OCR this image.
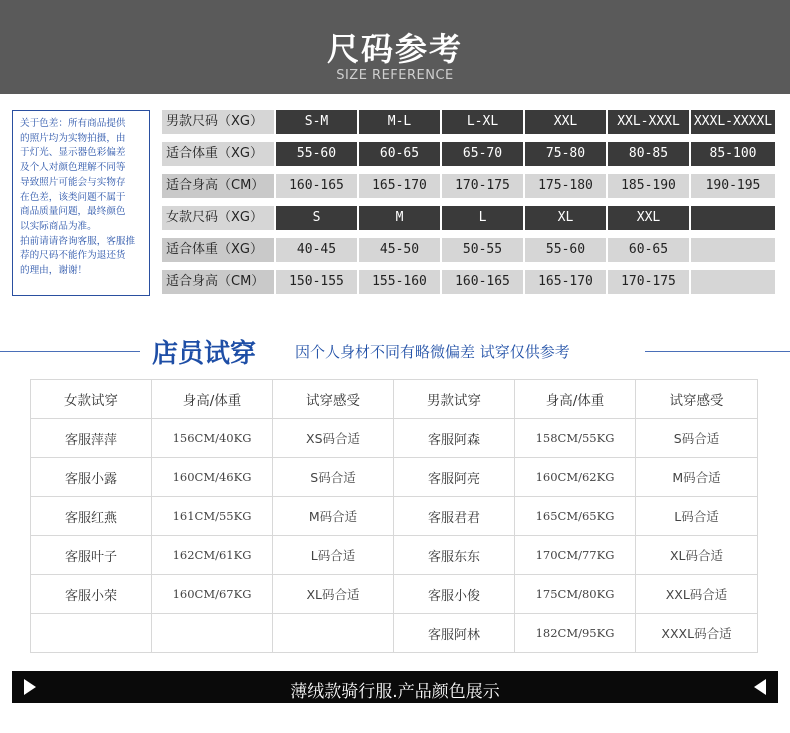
尺码参考
SIZE REFERENCE

关于色差：所有商品提供

的照片均为实物拍摄，由

于灯光、显示器色彩偏差

及个人对颜色理解不同等

导致照片可能会与实物存

在色差，该类问题不属于

商品质量问题，最终颜色

以实际商品为准。

拍前请请咨询客服，客服推

荐的尺码不能作为退还货

的理由，谢谢！

男款尺码（XG）	S-M	M-L	L-XL	XXL	XXL-XXXL	XXXL-XXXXL
适合体重（XG）	55-60	60-65	65-70	75-80	80-85	85-100
适合身高（CM）	160-165	165-170	170-175	175-180	185-190	190-195
女款尺码（XG）	S	M	L	XL	XXL
适合体重（XG）	40-45	45-50	50-55	55-60	60-65
适合身高（CM）	150-155	155-160	160-165	165-170	170-175
店员试穿	因个人身材不同有略微偏差 试穿仅供参考
女款试穿	身高/体重	试穿感受	男款试穿	身高/体重	试穿感受
客服萍萍	156CM/40KG	XS码合适	客服阿森	158CM/55KG	S码合适
客服小露	160CM/46KG	S码合适	客服阿亮	160CM/62KG	M码合适
客服红燕	161CM/55KG	M码合适	客服君君	165CM/65KG	L码合适
客服叶子	162CM/61KG	L码合适	客服东东	170CM/77KG	XL码合适
客服小荣	160CM/67KG	XL码合适	客服小俊	175CM/80KG	XXL码合适
			客服阿林	182CM/95KG	XXXL码合适
薄绒款骑行服.产品颜色展示
